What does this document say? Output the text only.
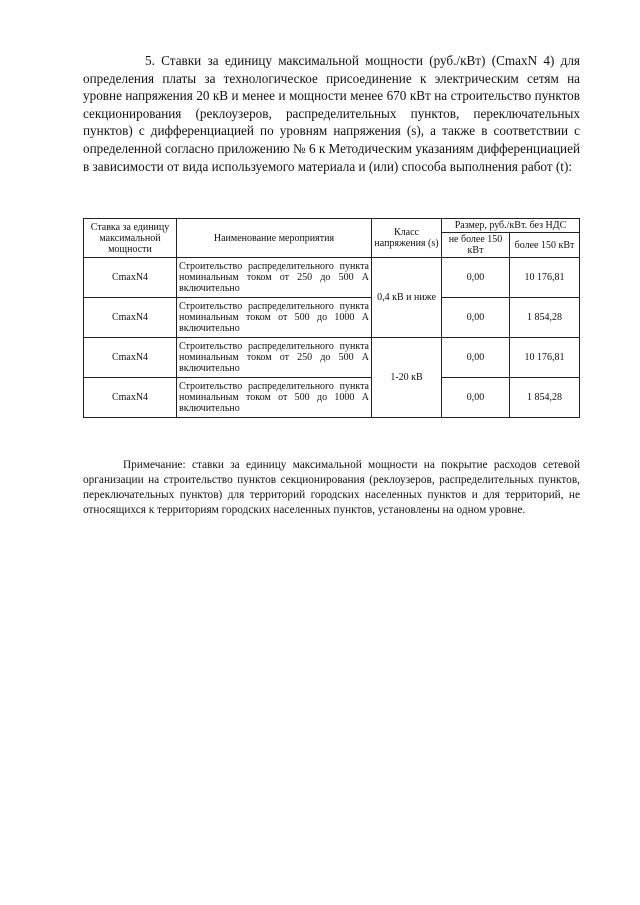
5. Ставки за единицу максимальной мощности (руб./кВт) (CmaxN 4) для определения платы за технологическое присоединение к электрическим сетям на уровне напряжения 20 кВ и менее и мощности менее 670 кВт на строительство пунктов секционирования (реклоузеров, распределительных пунктов, переключательных пунктов) с дифференциацией по уровням напряжения (s), а также в соответствии с определенной согласно приложению № 6 к Методическим указаниям дифференциацией в зависимости от вида используемого материала и (или) способа выполнения работ (t):

Ставка за единицу максимальной мощности	Наименование мероприятия	Класс напряжения (s)	Размер, руб./кВт. без НДС	
			не более 150 кВт	более 150 кВт
CmaxN4	Строительство распределительного пункта номинальным током от 250 до 500 А включительно	0,4 кВ и ниже	0,00	10 176,81
CmaxN4	Строительство распределительного пункта номинальным током от 500 до 1000 А включительно		0,00	1 854,28
CmaxN4	Строительство распределительного пункта номинальным током от 250 до 500 А включительно	1-20 кВ	0,00	10 176,81
CmaxN4	Строительство распределительного пункта номинальным током от 500 до 1000 А включительно		0,00	1 854,28

Примечание: ставки за единицу максимальной мощности на покрытие расходов сетевой организации на строительство пунктов секционирования (реклоузеров, распределительных пунктов, переключательных пунктов) для территорий городских населенных пунктов и для территорий, не относящихся к территориям городских населенных пунктов, установлены на одном уровне.
